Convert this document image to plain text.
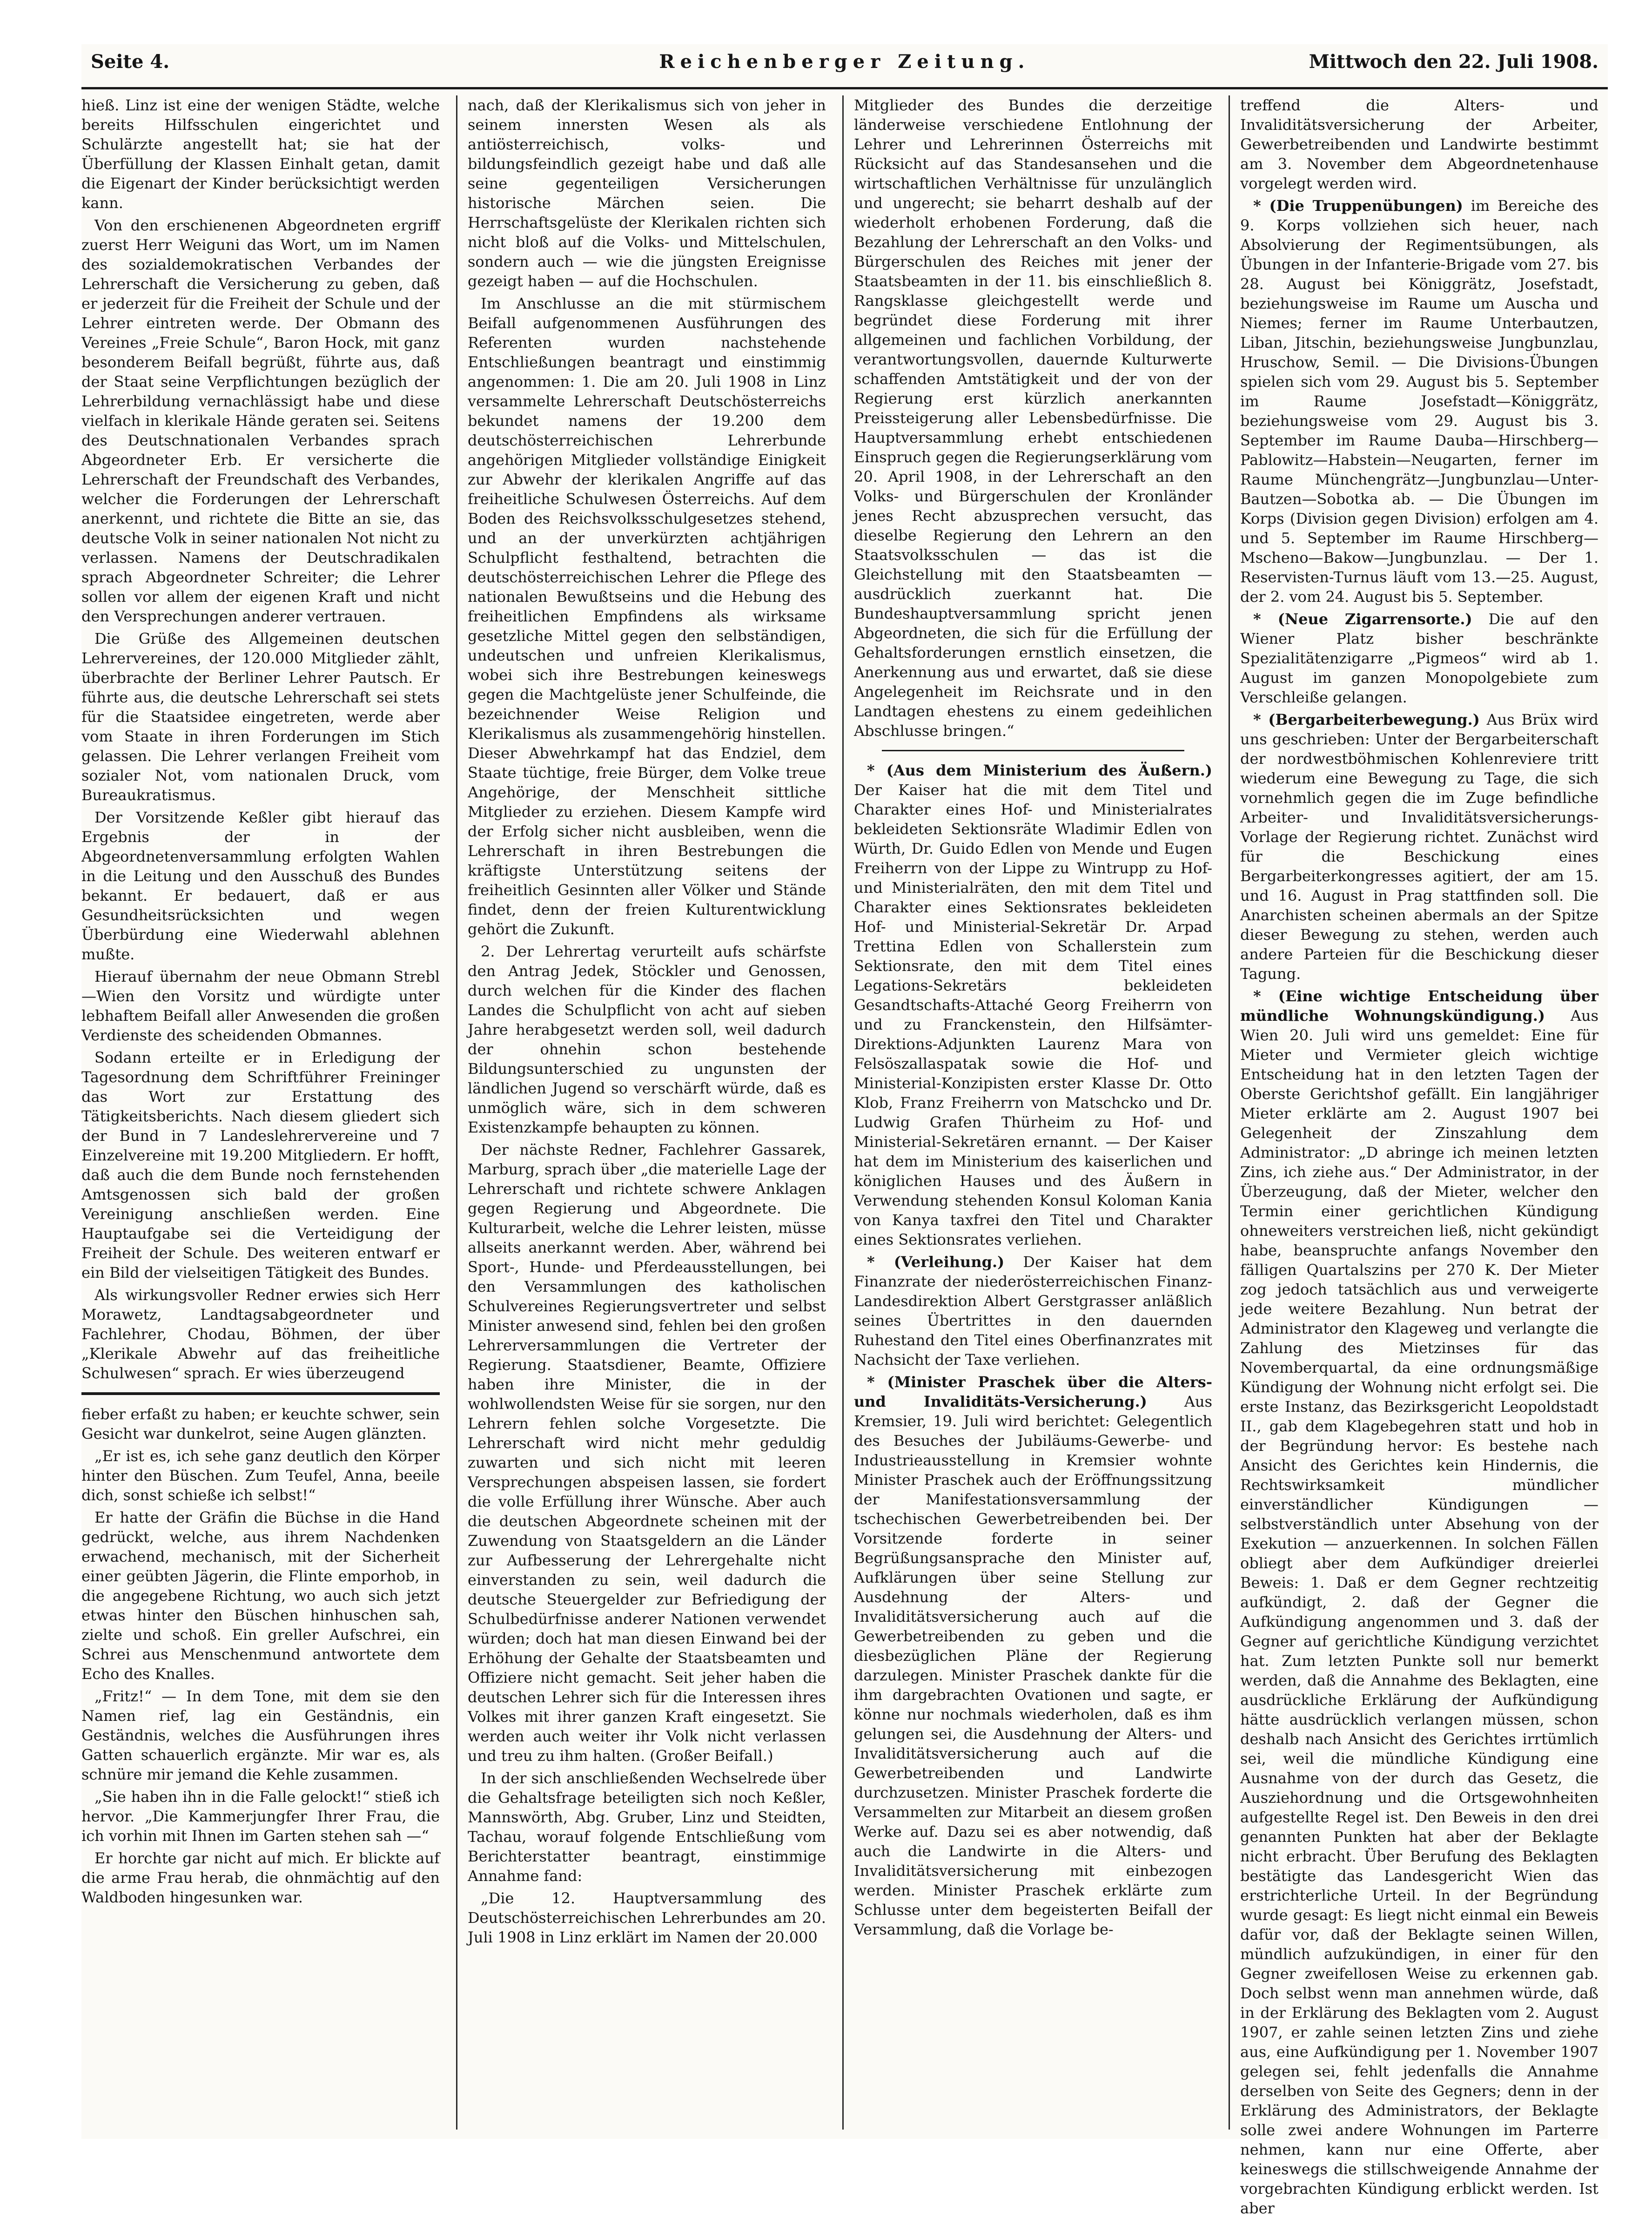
Seite 4.	Reichenberger Zeitung.	Mittwoch den 22. Juli 1908.

hieß. Linz ist eine der wenigen Städte, welche bereits Hilfsschulen eingerichtet und Schulärzte angestellt hat; sie hat der Überfüllung der Klassen Einhalt getan, damit die Eigenart der Kinder berücksichtigt werden kann.

Von den erschienenen Abgeordneten ergriff zuerst Herr Weiguni das Wort, um im Namen des sozialdemokratischen Verbandes der Lehrerschaft die Versicherung zu geben, daß er jederzeit für die Freiheit der Schule und der Lehrer eintreten werde. Der Obmann des Vereines „Freie Schule“, Baron Hock, mit ganz besonderem Beifall begrüßt, führte aus, daß der Staat seine Verpflichtungen bezüglich der Lehrerbildung vernachlässigt habe und diese vielfach in klerikale Hände geraten sei. Seitens des Deutschnationalen Verbandes sprach Abgeordneter Erb. Er versicherte die Lehrerschaft der Freundschaft des Verbandes, welcher die Forderungen der Lehrerschaft anerkennt, und richtete die Bitte an sie, das deutsche Volk in seiner nationalen Not nicht zu verlassen. Namens der Deutschradikalen sprach Abgeordneter Schreiter; die Lehrer sollen vor allem der eigenen Kraft und nicht den Versprechungen anderer vertrauen.

Die Grüße des Allgemeinen deutschen Lehrervereines, der 120.000 Mitglieder zählt, überbrachte der Berliner Lehrer Pautsch. Er führte aus, die deutsche Lehrerschaft sei stets für die Staatsidee eingetreten, werde aber vom Staate in ihren Forderungen im Stich gelassen. Die Lehrer verlangen Freiheit vom sozialer Not, vom nationalen Druck, vom Bureaukratismus.

Der Vorsitzende Keßler gibt hierauf das Ergebnis der in der Abgeordnetenversammlung erfolgten Wahlen in die Leitung und den Ausschuß des Bundes bekannt. Er bedauert, daß er aus Gesundheitsrücksichten und wegen Überbürdung eine Wiederwahl ablehnen mußte.

Hierauf übernahm der neue Obmann Strebl—Wien den Vorsitz und würdigte unter lebhaftem Beifall aller Anwesenden die großen Verdienste des scheidenden Obmannes.

Sodann erteilte er in Erledigung der Tagesordnung dem Schriftführer Freininger das Wort zur Erstattung des Tätigkeitsberichts. Nach diesem gliedert sich der Bund in 7 Landeslehrervereine und 7 Einzelvereine mit 19.200 Mitgliedern. Er hofft, daß auch die dem Bunde noch fernstehenden Amtsgenossen sich bald der großen Vereinigung anschließen werden. Eine Hauptaufgabe sei die Verteidigung der Freiheit der Schule. Des weiteren entwarf er ein Bild der vielseitigen Tätigkeit des Bundes.

Als wirkungsvoller Redner erwies sich Herr Morawetz, Landtagsabgeordneter und Fachlehrer, Chodau, Böhmen, der über „Klerikale Abwehr auf das freiheitliche Schulwesen“ sprach. Er wies überzeugend

fieber erfaßt zu haben; er keuchte schwer, sein Gesicht war dunkelrot, seine Augen glänzten.

„Er ist es, ich sehe ganz deutlich den Körper hinter den Büschen. Zum Teufel, Anna, beeile dich, sonst schieße ich selbst!“

Er hatte der Gräfin die Büchse in die Hand gedrückt, welche, aus ihrem Nachdenken erwachend, mechanisch, mit der Sicherheit einer geübten Jägerin, die Flinte emporhob, in die angegebene Richtung, wo auch sich jetzt etwas hinter den Büschen hinhuschen sah, zielte und schoß. Ein greller Aufschrei, ein Schrei aus Menschenmund antwortete dem Echo des Knalles.

„Fritz!“ — In dem Tone, mit dem sie den Namen rief, lag ein Geständnis, ein Geständnis, welches die Ausführungen ihres Gatten schauerlich ergänzte. Mir war es, als schnüre mir jemand die Kehle zusammen.

„Sie haben ihn in die Falle gelockt!“ stieß ich hervor. „Die Kammerjungfer Ihrer Frau, die ich vorhin mit Ihnen im Garten stehen sah —“

Er horchte gar nicht auf mich. Er blickte auf die arme Frau herab, die ohnmächtig auf den Waldboden hingesunken war.

nach, daß der Klerikalismus sich von jeher in seinem innersten Wesen als als antiösterreichisch, volks- und bildungsfeindlich gezeigt habe und daß alle seine gegenteiligen Versicherungen historische Märchen seien. Die Herrschaftsgelüste der Klerikalen richten sich nicht bloß auf die Volks- und Mittelschulen, sondern auch — wie die jüngsten Ereignisse gezeigt haben — auf die Hochschulen.

Im Anschlusse an die mit stürmischem Beifall aufgenommenen Ausführungen des Referenten wurden nachstehende Entschließungen beantragt und einstimmig angenommen: 1. Die am 20. Juli 1908 in Linz versammelte Lehrerschaft Deutschösterreichs bekundet namens der 19.200 dem deutschösterreichischen Lehrerbunde angehörigen Mitglieder vollständige Einigkeit zur Abwehr der klerikalen Angriffe auf das freiheitliche Schulwesen Österreichs. Auf dem Boden des Reichsvolksschulgesetzes stehend, und an der unverkürzten achtjährigen Schulpflicht festhaltend, betrachten die deutschösterreichischen Lehrer die Pflege des nationalen Bewußtseins und die Hebung des freiheitlichen Empfindens als wirksame gesetzliche Mittel gegen den selbständigen, undeutschen und unfreien Klerikalismus, wobei sich ihre Bestrebungen keineswegs gegen die Machtgelüste jener Schulfeinde, die bezeichnender Weise Religion und Klerikalismus als zusammengehörig hinstellen. Dieser Abwehrkampf hat das Endziel, dem Staate tüchtige, freie Bürger, dem Volke treue Angehörige, der Menschheit sittliche Mitglieder zu erziehen. Diesem Kampfe wird der Erfolg sicher nicht ausbleiben, wenn die Lehrerschaft in ihren Bestrebungen die kräftigste Unterstützung seitens der freiheitlich Gesinnten aller Völker und Stände findet, denn der freien Kulturentwicklung gehört die Zukunft.

2. Der Lehrertag verurteilt aufs schärfste den Antrag Jedek, Stöckler und Genossen, durch welchen für die Kinder des flachen Landes die Schulpflicht von acht auf sieben Jahre herabgesetzt werden soll, weil dadurch der ohnehin schon bestehende Bildungsunterschied zu ungunsten der ländlichen Jugend so verschärft würde, daß es unmöglich wäre, sich in dem schweren Existenzkampfe behaupten zu können.

Der nächste Redner, Fachlehrer Gassarek, Marburg, sprach über „die materielle Lage der Lehrerschaft und richtete schwere Anklagen gegen Regierung und Abgeordnete. Die Kulturarbeit, welche die Lehrer leisten, müsse allseits anerkannt werden. Aber, während bei Sport-, Hunde- und Pferdeausstellungen, bei den Versammlungen des katholischen Schulvereines Regierungsvertreter und selbst Minister anwesend sind, fehlen bei den großen Lehrerversammlungen die Vertreter der Regierung. Staatsdiener, Beamte, Offiziere haben ihre Minister, die in der wohlwollendsten Weise für sie sorgen, nur den Lehrern fehlen solche Vorgesetzte. Die Lehrerschaft wird nicht mehr geduldig zuwarten und sich nicht mit leeren Versprechungen abspeisen lassen, sie fordert die volle Erfüllung ihrer Wünsche. Aber auch die deutschen Abgeordnete scheinen mit der Zuwendung von Staatsgeldern an die Länder zur Aufbesserung der Lehrergehalte nicht einverstanden zu sein, weil dadurch die deutsche Steuergelder zur Befriedigung der Schulbedürfnisse anderer Nationen verwendet würden; doch hat man diesen Einwand bei der Erhöhung der Gehalte der Staatsbeamten und Offiziere nicht gemacht. Seit jeher haben die deutschen Lehrer sich für die Interessen ihres Volkes mit ihrer ganzen Kraft eingesetzt. Sie werden auch weiter ihr Volk nicht verlassen und treu zu ihm halten. (Großer Beifall.)

In der sich anschließenden Wechselrede über die Gehaltsfrage beteiligten sich noch Keßler, Mannswörth, Abg. Gruber, Linz und Steidten, Tachau, worauf folgende Entschließung vom Berichterstatter beantragt, einstimmige Annahme fand:

„Die 12. Hauptversammlung des Deutschösterreichischen Lehrerbundes am 20. Juli 1908 in Linz erklärt im Namen der 20.000

Mitglieder des Bundes die derzeitige länderweise verschiedene Entlohnung der Lehrer und Lehrerinnen Österreichs mit Rücksicht auf das Standesansehen und die wirtschaftlichen Verhältnisse für unzulänglich und ungerecht; sie beharrt deshalb auf der wiederholt erhobenen Forderung, daß die Bezahlung der Lehrerschaft an den Volks- und Bürgerschulen des Reiches mit jener der Staatsbeamten in der 11. bis einschließlich 8. Rangsklasse gleichgestellt werde und begründet diese Forderung mit ihrer allgemeinen und fachlichen Vorbildung, der verantwortungsvollen, dauernde Kulturwerte schaffenden Amtstätigkeit und der von der Regierung erst kürzlich anerkannten Preissteigerung aller Lebensbedürfnisse. Die Hauptversammlung erhebt entschiedenen Einspruch gegen die Regierungserklärung vom 20. April 1908, in der Lehrerschaft an den Volks- und Bürgerschulen der Kronländer jenes Recht abzusprechen versucht, das dieselbe Regierung den Lehrern an den Staatsvolksschulen — das ist die Gleichstellung mit den Staatsbeamten — ausdrücklich zuerkannt hat. Die Bundeshauptversammlung spricht jenen Abgeordneten, die sich für die Erfüllung der Gehaltsforderungen ernstlich einsetzen, die Anerkennung aus und erwartet, daß sie diese Angelegenheit im Reichsrate und in den Landtagen ehestens zu einem gedeihlichen Abschlusse bringen.“

* (Aus dem Ministerium des Äußern.) Der Kaiser hat die mit dem Titel und Charakter eines Hof- und Ministerialrates bekleideten Sektionsräte Wladimir Edlen von Würth, Dr. Guido Edlen von Mende und Eugen Freiherrn von der Lippe zu Wintrupp zu Hof- und Ministerialräten, den mit dem Titel und Charakter eines Sektionsrates bekleideten Hof- und Ministerial-Sekretär Dr. Arpad Trettina Edlen von Schallerstein zum Sektionsrate, den mit dem Titel eines Legations-Sekretärs bekleideten Gesandtschafts-Attaché Georg Freiherrn von und zu Franckenstein, den Hilfsämter-Direktions-Adjunkten Laurenz Mara von Felsöszallaspatak sowie die Hof- und Ministerial-Konzipisten erster Klasse Dr. Otto Klob, Franz Freiherrn von Matschcko und Dr. Ludwig Grafen Thürheim zu Hof- und Ministerial-Sekretären ernannt. — Der Kaiser hat dem im Ministerium des kaiserlichen und königlichen Hauses und des Äußern in Verwendung stehenden Konsul Koloman Kania von Kanya taxfrei den Titel und Charakter eines Sektionsrates verliehen.

* (Verleihung.) Der Kaiser hat dem Finanzrate der niederösterreichischen Finanz-Landesdirektion Albert Gerstgrasser anläßlich seines Übertrittes in den dauernden Ruhestand den Titel eines Oberfinanzrates mit Nachsicht der Taxe verliehen.

* (Minister Praschek über die Alters- und Invaliditäts-Versicherung.) Aus Kremsier, 19. Juli wird berichtet: Gelegentlich des Besuches der Jubiläums-Gewerbe- und Industrieausstellung in Kremsier wohnte Minister Praschek auch der Eröffnungssitzung der Manifestationsversammlung der tschechischen Gewerbetreibenden bei. Der Vorsitzende forderte in seiner Begrüßungsansprache den Minister auf, Aufklärungen über seine Stellung zur Ausdehnung der Alters- und Invaliditätsversicherung auch auf die Gewerbetreibenden zu geben und die diesbezüglichen Pläne der Regierung darzulegen. Minister Praschek dankte für die ihm dargebrachten Ovationen und sagte, er könne nur nochmals wiederholen, daß es ihm gelungen sei, die Ausdehnung der Alters- und Invaliditätsversicherung auch auf die Gewerbetreibenden und Landwirte durchzusetzen. Minister Praschek forderte die Versammelten zur Mitarbeit an diesem großen Werke auf. Dazu sei es aber notwendig, daß auch die Landwirte in die Alters- und Invaliditätsversicherung mit einbezogen werden. Minister Praschek erklärte zum Schlusse unter dem begeisterten Beifall der Versammlung, daß die Vorlage be-

treffend die Alters- und Invaliditätsversicherung der Arbeiter, Gewerbetreibenden und Landwirte bestimmt am 3. November dem Abgeordnetenhause vorgelegt werden wird.

* (Die Truppenübungen) im Bereiche des 9. Korps vollziehen sich heuer, nach Absolvierung der Regimentsübungen, als Übungen in der Infanterie-Brigade vom 27. bis 28. August bei Königgrätz, Josefstadt, beziehungsweise im Raume um Auscha und Niemes; ferner im Raume Unterbautzen, Liban, Jitschin, beziehungsweise Jungbunzlau, Hruschow, Semil. — Die Divisions-Übungen spielen sich vom 29. August bis 5. September im Raume Josefstadt—Königgrätz, beziehungsweise vom 29. August bis 3. September im Raume Dauba—Hirschberg—Pablowitz—Habstein—Neugarten, ferner im Raume Münchengrätz—Jungbunzlau—Unter-Bautzen—Sobotka ab. — Die Übungen im Korps (Division gegen Division) erfolgen am 4. und 5. September im Raume Hirschberg—Mscheno—Bakow—Jungbunzlau. — Der 1. Reservisten-Turnus läuft vom 13.—25. August, der 2. vom 24. August bis 5. September.

* (Neue Zigarrensorte.) Die auf den Wiener Platz bisher beschränkte Spezialitätenzigarre „Pigmeos“ wird ab 1. August im ganzen Monopolgebiete zum Verschleiße gelangen.

* (Bergarbeiterbewegung.) Aus Brüx wird uns geschrieben: Unter der Bergarbeiterschaft der nordwestböhmischen Kohlenreviere tritt wiederum eine Bewegung zu Tage, die sich vornehmlich gegen die im Zuge befindliche Arbeiter- und Invaliditätsversicherungs-Vorlage der Regierung richtet. Zunächst wird für die Beschickung eines Bergarbeiterkongresses agitiert, der am 15. und 16. August in Prag stattfinden soll. Die Anarchisten scheinen abermals an der Spitze dieser Bewegung zu stehen, werden auch andere Parteien für die Beschickung dieser Tagung.

* (Eine wichtige Entscheidung über mündliche Wohnungskündigung.) Aus Wien 20. Juli wird uns gemeldet: Eine für Mieter und Vermieter gleich wichtige Entscheidung hat in den letzten Tagen der Oberste Gerichtshof gefällt. Ein langjähriger Mieter erklärte am 2. August 1907 bei Gelegenheit der Zinszahlung dem Administrator: „D abringe ich meinen letzten Zins, ich ziehe aus.“ Der Administrator, in der Überzeugung, daß der Mieter, welcher den Termin einer gerichtlichen Kündigung ohneweiters verstreichen ließ, nicht gekündigt habe, beanspruchte anfangs November den fälligen Quartalszins per 270 K. Der Mieter zog jedoch tatsächlich aus und verweigerte jede weitere Bezahlung. Nun betrat der Administrator den Klageweg und verlangte die Zahlung des Mietzinses für das Novemberquartal, da eine ordnungsmäßige Kündigung der Wohnung nicht erfolgt sei. Die erste Instanz, das Bezirksgericht Leopoldstadt II., gab dem Klagebegehren statt und hob in der Begründung hervor: Es bestehe nach Ansicht des Gerichtes kein Hindernis, die Rechtswirksamkeit mündlicher einverständlicher Kündigungen — selbstverständlich unter Absehung von der Exekution — anzuerkennen. In solchen Fällen obliegt aber dem Aufkündiger dreierlei Beweis: 1. Daß er dem Gegner rechtzeitig aufkündigt, 2. daß der Gegner die Aufkündigung angenommen und 3. daß der Gegner auf gerichtliche Kündigung verzichtet hat. Zum letzten Punkte soll nur bemerkt werden, daß die Annahme des Beklagten, eine ausdrückliche Erklärung der Aufkündigung hätte ausdrücklich verlangen müssen, schon deshalb nach Ansicht des Gerichtes irrtümlich sei, weil die mündliche Kündigung eine Ausnahme von der durch das Gesetz, die Ausziehordnung und die Ortsgewohnheiten aufgestellte Regel ist. Den Beweis in den drei genannten Punkten hat aber der Beklagte nicht erbracht. Über Berufung des Beklagten bestätigte das Landesgericht Wien das erstrichterliche Urteil. In der Begründung wurde gesagt: Es liegt nicht einmal ein Beweis dafür vor, daß der Beklagte seinen Willen, mündlich aufzukündigen, in einer für den Gegner zweifellosen Weise zu erkennen gab. Doch selbst wenn man annehmen würde, daß in der Erklärung des Beklagten vom 2. August 1907, er zahle seinen letzten Zins und ziehe aus, eine Aufkündigung per 1. November 1907 gelegen sei, fehlt jedenfalls die Annahme derselben von Seite des Gegners; denn in der Erklärung des Administrators, der Beklagte solle zwei andere Wohnungen im Parterre nehmen, kann nur eine Offerte, aber keineswegs die stillschweigende Annahme der vorgebrachten Kündigung erblickt werden. Ist aber
